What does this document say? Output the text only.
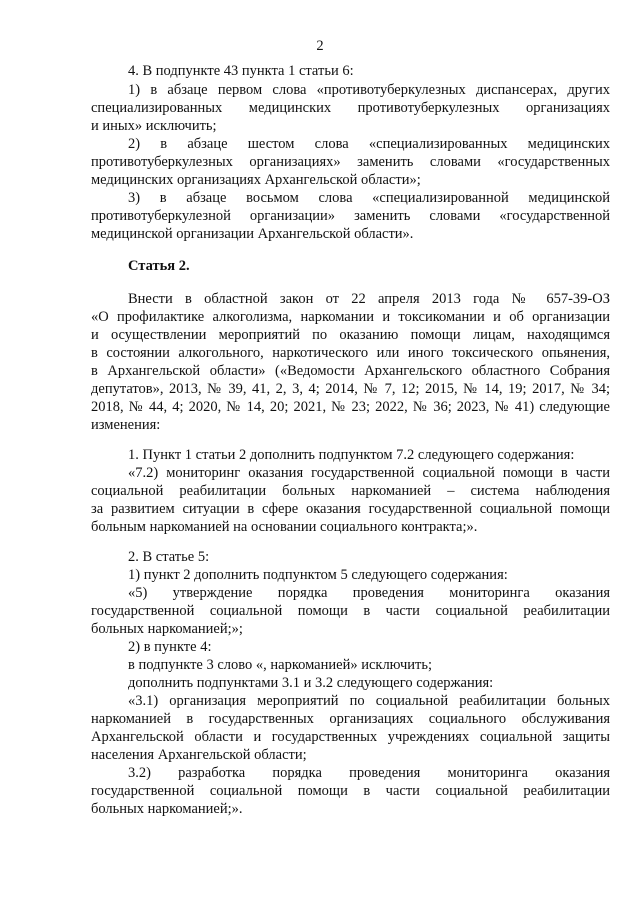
2
4. В подпункте 43 пункта 1 статьи 6:
1) в абзаце первом слова «противотуберкулезных диспансерах, других
специализированных медицинских противотуберкулезных организациях
и иных» исключить;
2) в абзаце шестом слова «специализированных медицинских
противотуберкулезных организациях» заменить словами «государственных
медицинских организациях Архангельской области»;
3) в абзаце восьмом слова «специализированной медицинской
противотуберкулезной организации» заменить словами «государственной
медицинской организации Архангельской области».
Статья 2.
Внести в областной закон от 22 апреля 2013 года № 657-39-ОЗ
«О профилактике алкоголизма, наркомании и токсикомании и об организации
и осуществлении мероприятий по оказанию помощи лицам, находящимся
в состоянии алкогольного, наркотического или иного токсического опьянения,
в Архангельской области» («Ведомости Архангельского областного Собрания
депутатов», 2013, № 39, 41, 2, 3, 4; 2014, № 7, 12; 2015, № 14, 19; 2017, № 34;
2018, № 44, 4; 2020, № 14, 20; 2021, № 23; 2022, № 36; 2023, № 41) следующие
изменения:
1. Пункт 1 статьи 2 дополнить подпунктом 7.2 следующего содержания:
«7.2) мониторинг оказания государственной социальной помощи в части
социальной реабилитации больных наркоманией – система наблюдения
за развитием ситуации в сфере оказания государственной социальной помощи
больным наркоманией на основании социального контракта;».
2. В статье 5:
1) пункт 2 дополнить подпунктом 5 следующего содержания:
«5) утверждение порядка проведения мониторинга оказания
государственной социальной помощи в части социальной реабилитации
больных наркоманией;»;
2) в пункте 4:
в подпункте 3 слово «, наркоманией» исключить;
дополнить подпунктами 3.1 и 3.2 следующего содержания:
«3.1) организация мероприятий по социальной реабилитации больных
наркоманией в государственных организациях социального обслуживания
Архангельской области и государственных учреждениях социальной защиты
населения Архангельской области;
3.2) разработка порядка проведения мониторинга оказания
государственной социальной помощи в части социальной реабилитации
больных наркоманией;».
